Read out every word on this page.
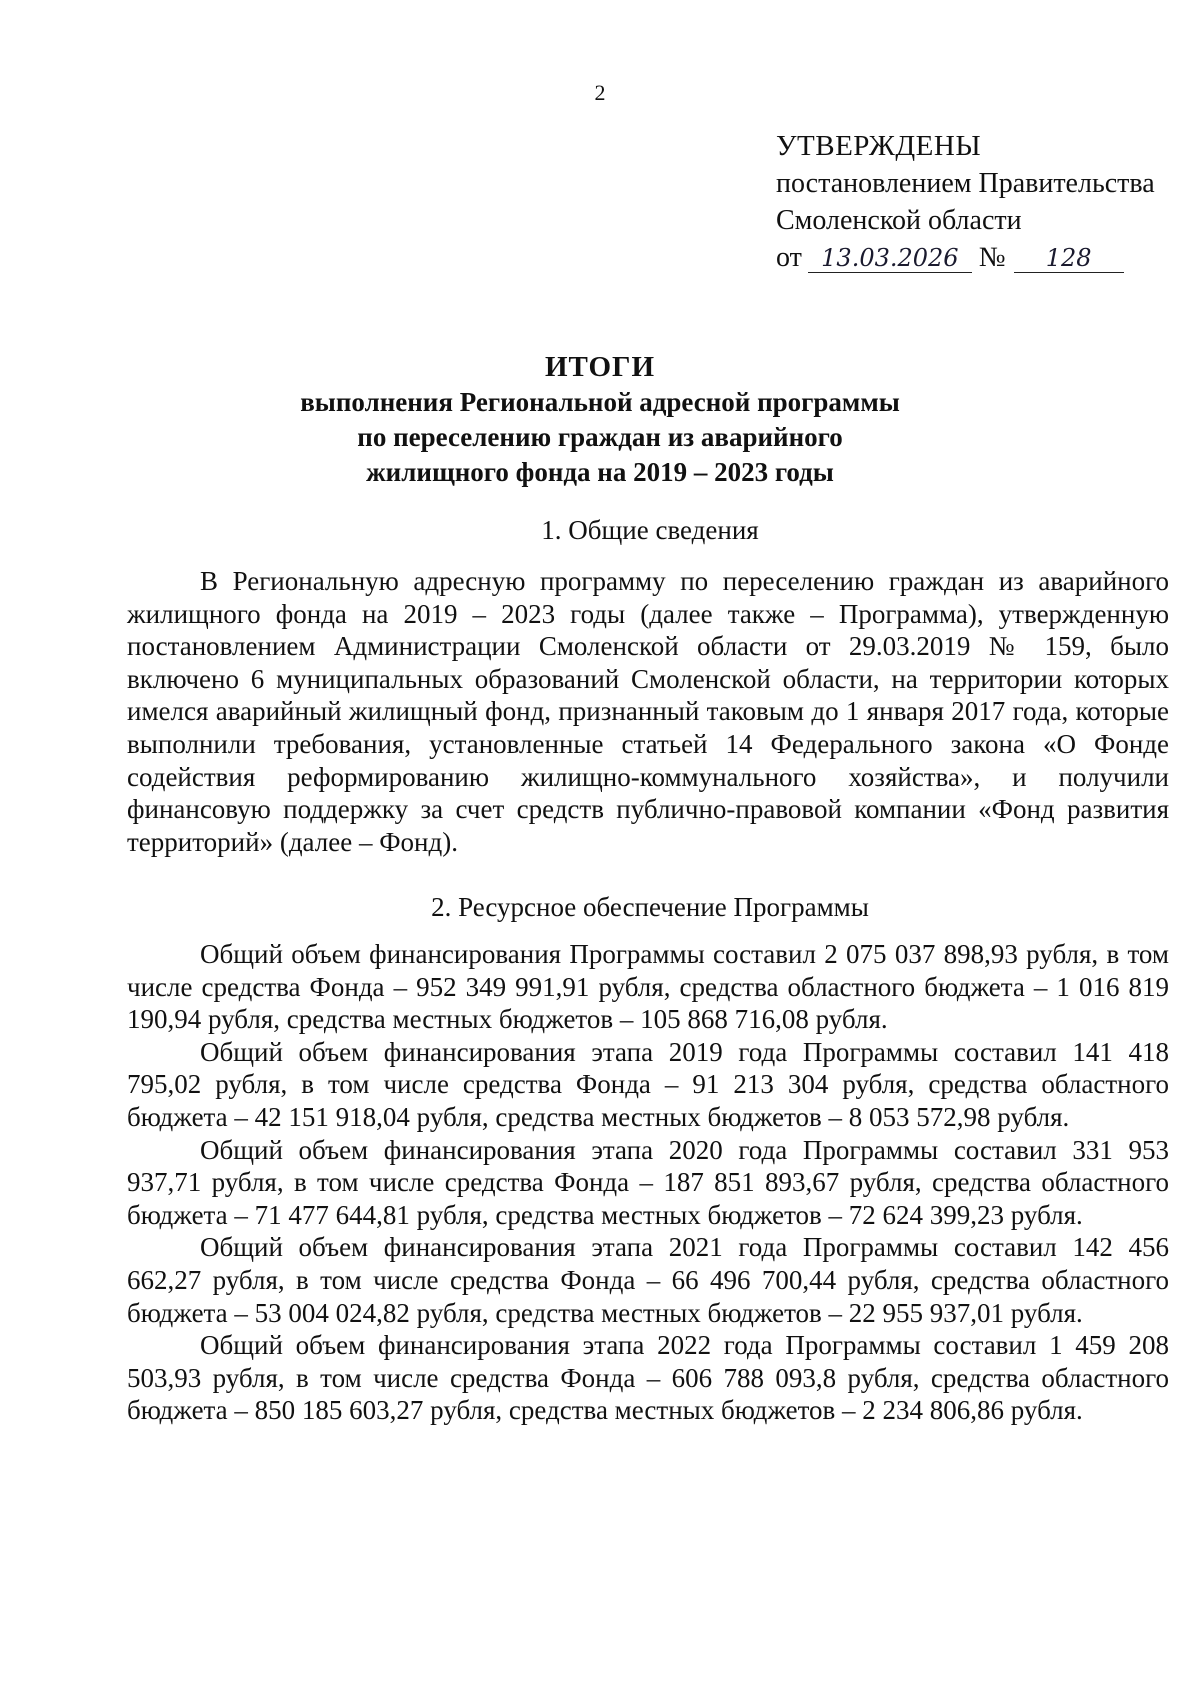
2
УТВЕРЖДЕНЫ
постановлением Правительства
Смоленской области
от 13.03.2026 № 128
ИТОГИ
выполнения Региональной адресной программы
по переселению граждан из аварийного
жилищного фонда на 2019 – 2023 годы
1. Общие сведения

В Региональную адресную программу по переселению граждан из аварийного жилищного фонда на 2019 – 2023 годы (далее также – Программа), утвержденную постановлением Администрации Смоленской области от 29.03.2019 № 159, было включено 6 муниципальных образований Смоленской области, на территории которых имелся аварийный жилищный фонд, признанный таковым до 1 января 2017 года, которые выполнили требования, установленные статьей 14 Федерального закона «О Фонде содействия реформированию жилищно-коммунального хозяйства», и получили финансовую поддержку за счет средств публично-правовой компании «Фонд развития территорий» (далее – Фонд).

2. Ресурсное обеспечение Программы

Общий объем финансирования Программы составил 2 075 037 898,93 рубля, в том числе средства Фонда – 952 349 991,91 рубля, средства областного бюджета – 1 016 819 190,94 рубля, средства местных бюджетов – 105 868 716,08 рубля.

Общий объем финансирования этапа 2019 года Программы составил 141 418 795,02 рубля, в том числе средства Фонда – 91 213 304 рубля, средства областного бюджета – 42 151 918,04 рубля, средства местных бюджетов – 8 053 572,98 рубля.

Общий объем финансирования этапа 2020 года Программы составил 331 953 937,71 рубля, в том числе средства Фонда – 187 851 893,67 рубля, средства областного бюджета – 71 477 644,81 рубля, средства местных бюджетов – 72 624 399,23 рубля.

Общий объем финансирования этапа 2021 года Программы составил 142 456 662,27 рубля, в том числе средства Фонда – 66 496 700,44 рубля, средства областного бюджета – 53 004 024,82 рубля, средства местных бюджетов – 22 955 937,01 рубля.

Общий объем финансирования этапа 2022 года Программы составил 1 459 208 503,93 рубля, в том числе средства Фонда – 606 788 093,8 рубля, средства областного бюджета – 850 185 603,27 рубля, средства местных бюджетов – 2 234 806,86 рубля.
